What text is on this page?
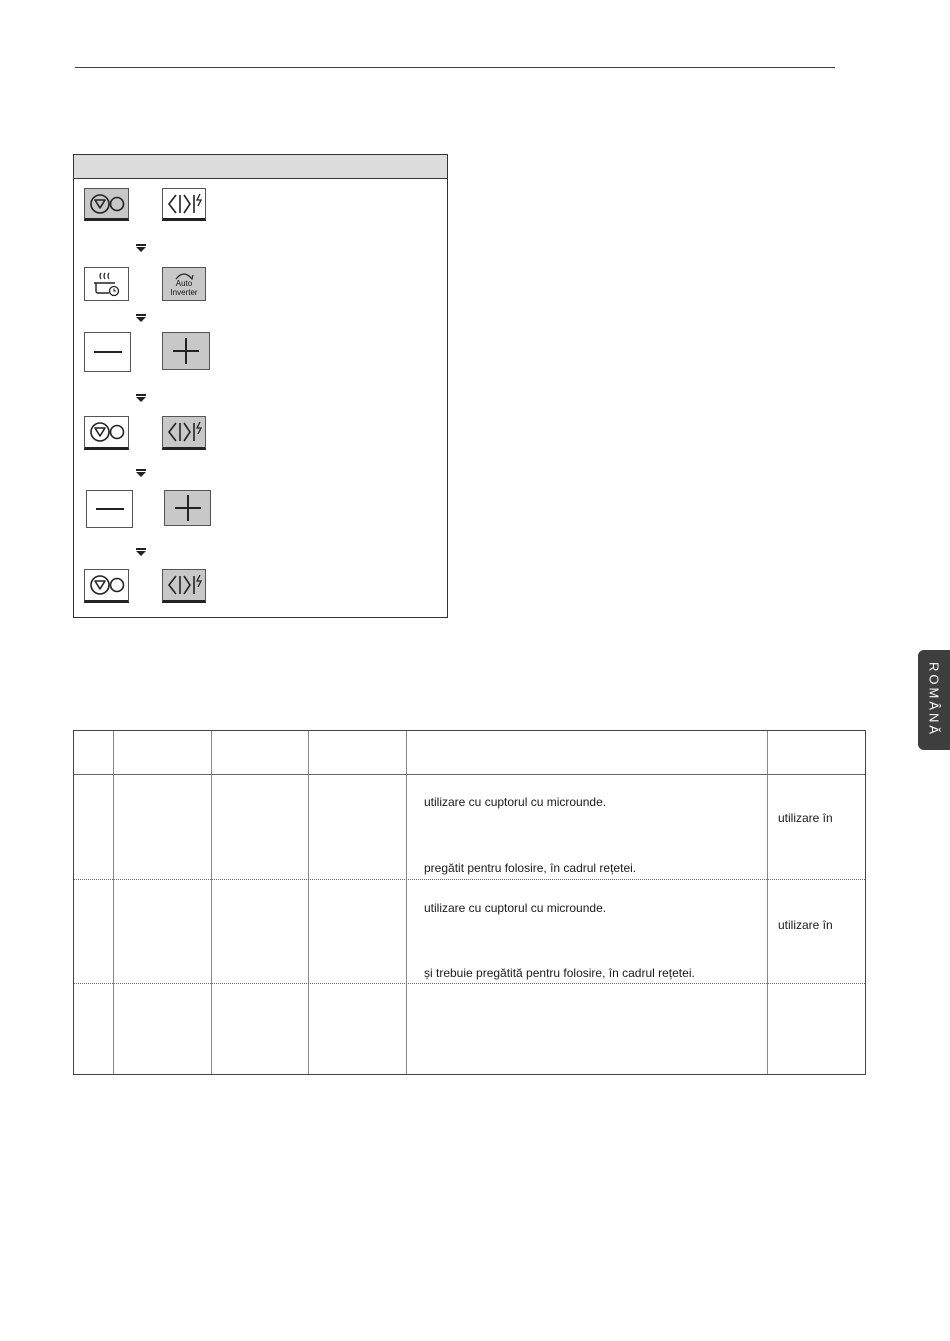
Auto
Inverter
ROMÂNĂ
utilizare cu cuptorul cu microunde.
pregătit pentru folosire, în cadrul rețetei.
utilizare în
utilizare cu cuptorul cu microunde.
și trebuie pregătită pentru folosire, în cadrul rețetei.
utilizare în
